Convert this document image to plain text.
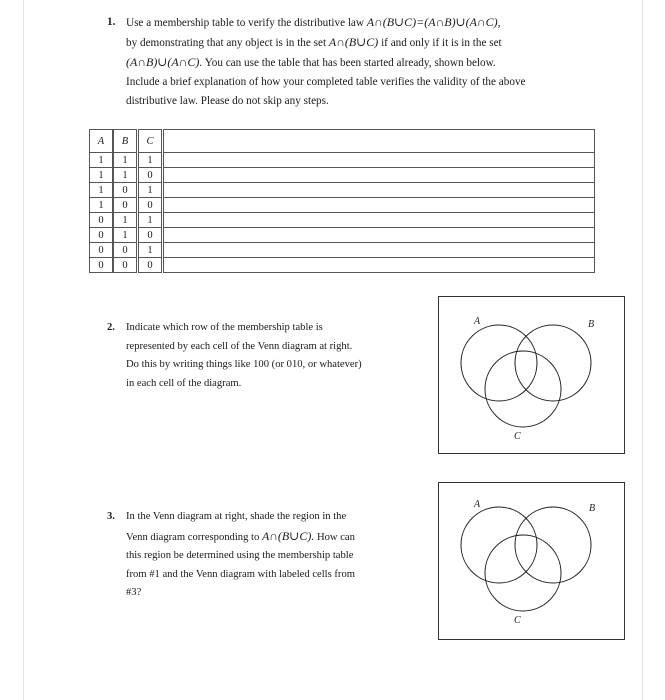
1. Use a membership table to verify the distributive law A∩(B∪C)=(A∩B)∪(A∩C),
by demonstrating that any object is in the set A∩(B∪C) if and only if it is in the set
(A∩B)∪(A∩C). You can use the table that has been started already, shown below.
Include a brief explanation of how your completed table verifies the validity of the above
distributive law. Please do not skip any steps.
A	B	C	
1	1	1	
1	1	0	
1	0	1	
1	0	0	
0	1	1	
0	1	0	
0	0	1	
0	0	0	
2.	Indicate which row of the membership table is
represented by each cell of the Venn diagram at right.
Do this by writing things like 100 (or 010, or whatever)
in each cell of the diagram.
A	B
C
3.	In the Venn diagram at right, shade the region in the
Venn diagram corresponding to A∩(B∪C). How can
this region be determined using the membership table
from #1 and the Venn diagram with labeled cells from
#3?
A	B
C
